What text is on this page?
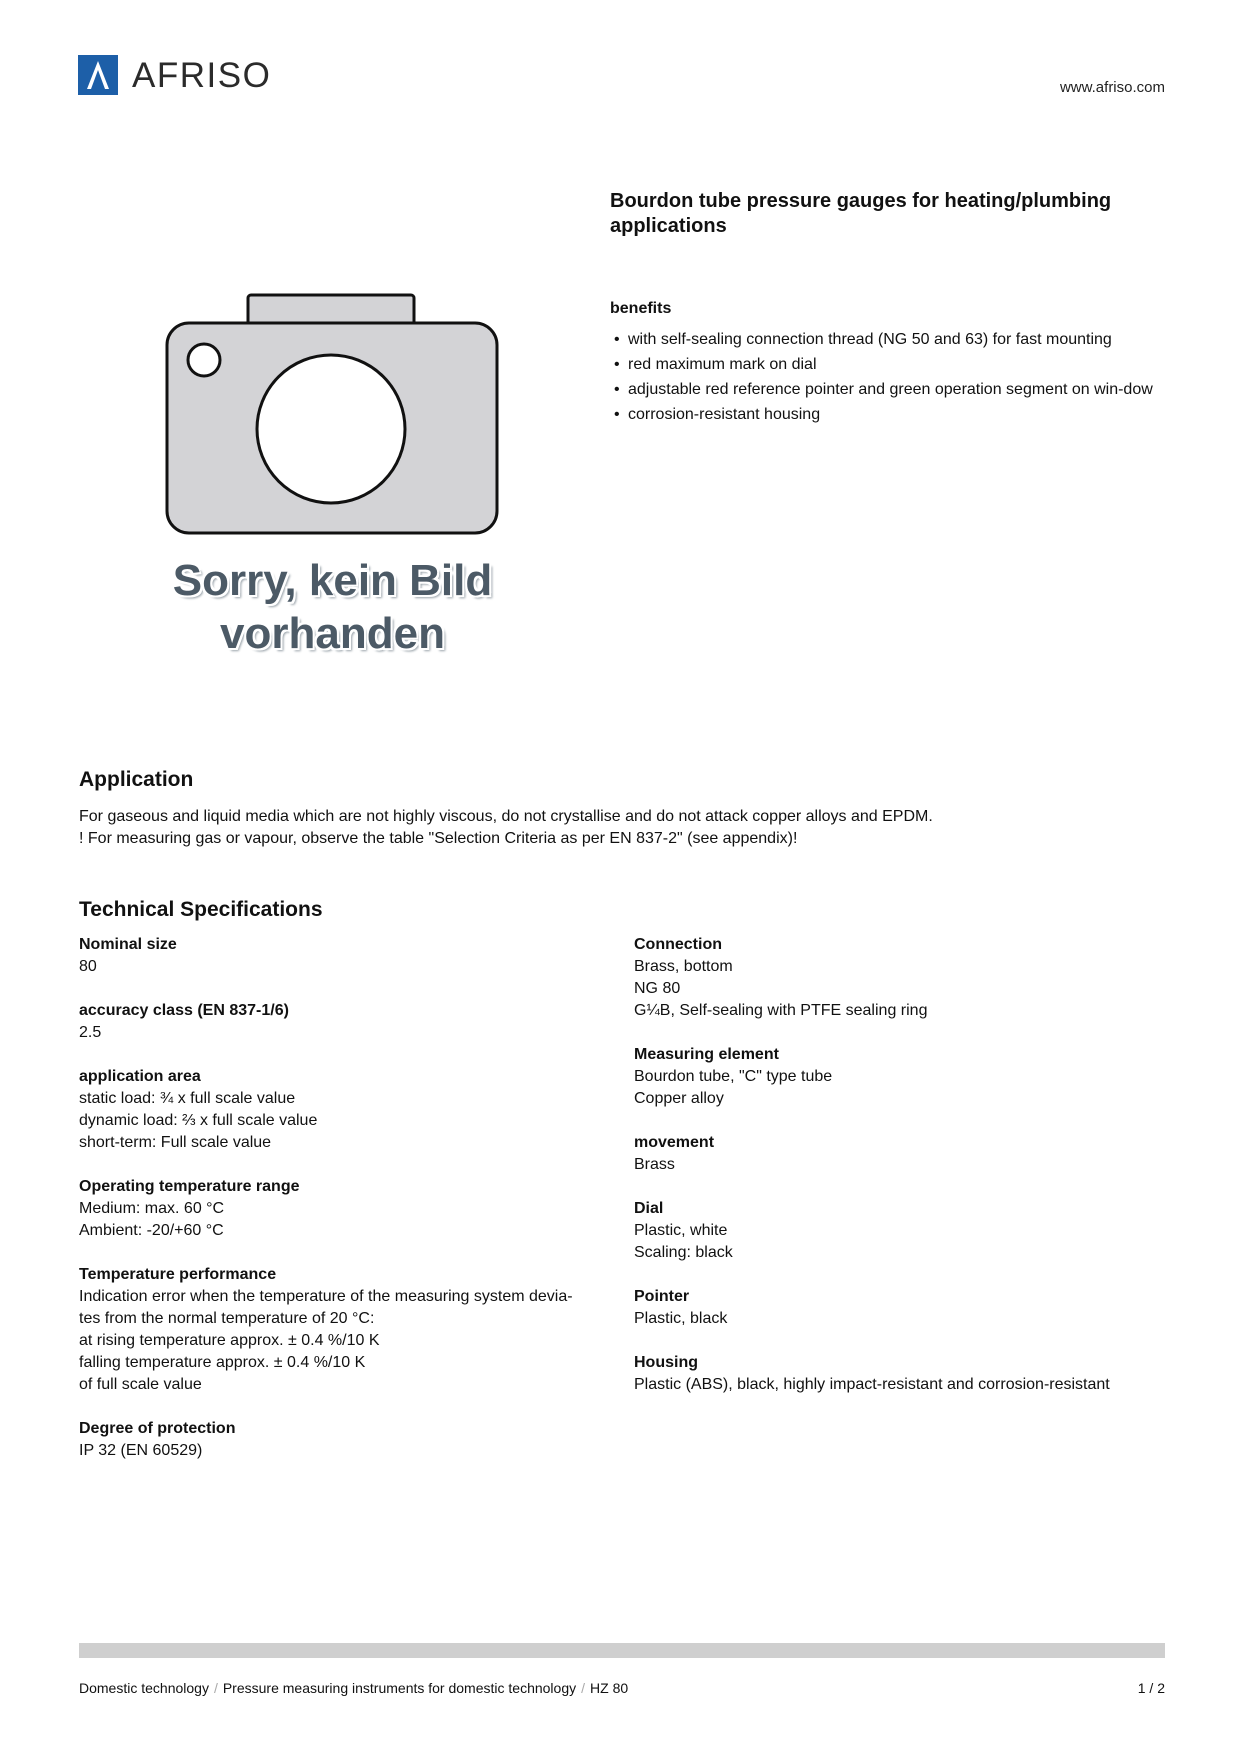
AFRISO	www.afriso.com
Bourdon tube pressure gauges for heating/plumbing applications
benefits
• with self-sealing connection thread (NG 50 and 63) for fast mounting
• red maximum mark on dial
• adjustable red reference pointer and green operation segment on win-dow
• corrosion-resistant housing
Sorry, kein Bild
vorhanden
Application
For gaseous and liquid media which are not highly viscous, do not crystallise and do not attack copper alloys and EPDM.
! For measuring gas or vapour, observe the table "Selection Criteria as per EN 837-2" (see appendix)!
Technical Specifications
Nominal size
80
accuracy class (EN 837-1/6)
2.5
application area
static load: ¾ x full scale value
dynamic load: ⅔ x full scale value
short-term: Full scale value
Operating temperature range
Medium: max. 60 °C
Ambient: -20/+60 °C
Temperature performance
Indication error when the temperature of the measuring system devia-
tes from the normal temperature of 20 °C:
at rising temperature approx. ± 0.4 %/10 K
falling temperature approx. ± 0.4 %/10 K
of full scale value
Degree of protection
IP 32 (EN 60529)
Connection
Brass, bottom
NG 80
G¼B, Self-sealing with PTFE sealing ring
Measuring element
Bourdon tube, "C" type tube
Copper alloy
movement
Brass
Dial
Plastic, white
Scaling: black
Pointer
Plastic, black
Housing
Plastic (ABS), black, highly impact-resistant and corrosion-resistant
Domestic technology / Pressure measuring instruments for domestic technology / HZ 80	1 / 2
